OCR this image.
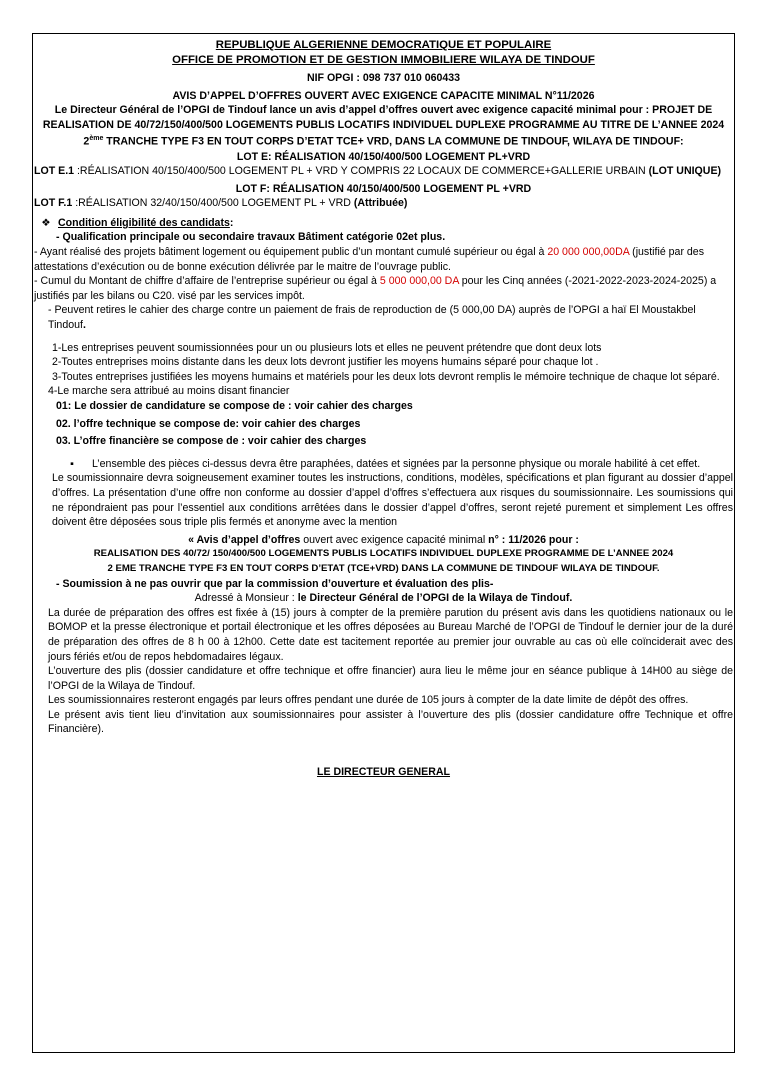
REPUBLIQUE ALGERIENNE DEMOCRATIQUE ET POPULAIRE

OFFICE DE PROMOTION ET DE GESTION IMMOBILIERE WILAYA DE TINDOUF

NIF OPGI : 098 737 010 060433

AVIS D’APPEL D’OFFRES OUVERT AVEC EXIGENCE CAPACITE MINIMAL N°11/2026

Le Directeur Général de l’OPGI de Tindouf lance un avis d’appel d’offres ouvert avec exigence capacité minimal pour : PROJET DE REALISATION DE 40/72/150/400/500 LOGEMENTS PUBLIS LOCATIFS INDIVIDUEL DUPLEXE PROGRAMME AU TITRE DE L’ANNEE 2024 2ème TRANCHE TYPE F3 EN TOUT CORPS D’ETAT TCE+ VRD, DANS LA COMMUNE DE TINDOUF, WILAYA DE TINDOUF:

LOT E: RÉALISATION 40/150/400/500 LOGEMENT PL+VRD

LOT E.1 :RÉALISATION 40/150/400/500 LOGEMENT PL + VRD Y COMPRIS 22 LOCAUX DE COMMERCE+GALLERIE URBAIN (LOT UNIQUE)

LOT F: RÉALISATION 40/150/400/500 LOGEMENT PL +VRD

LOT F.1 :RÉALISATION 32/40/150/400/500 LOGEMENT PL + VRD (Attribuée)

❖ Condition éligibilité des candidats:

- Qualification principale ou secondaire travaux Bâtiment catégorie 02et plus.

- Ayant réalisé des projets bâtiment logement ou équipement public d’un montant cumulé supérieur ou égal à 20 000 000,00DA (justifié par des attestations d’exécution ou de bonne exécution délivrée par le maitre de l’ouvrage public.

- Cumul du Montant de chiffre d’affaire de l’entreprise supérieur ou égal à 5 000 000,00 DA pour les Cinq années (-2021-2022-2023-2024-2025) a justifiés par les bilans ou C20. visé par les services impôt.

- Peuvent retires le cahier des charge contre un paiement de frais de reproduction de (5 000,00 DA) auprès de l’OPGI a haï El Moustakbel Tindouf.

1-Les entreprises peuvent soumissionnées pour un ou plusieurs lots et elles ne peuvent prétendre que dont deux lots

2-Toutes entreprises moins distante dans les deux lots devront justifier les moyens humains séparé pour chaque lot .

3-Toutes entreprises justifiées les moyens humains et matériels pour les deux lots devront remplis le mémoire technique de chaque lot séparé.

4-Le marche sera attribué au moins disant financier

01: Le dossier de candidature se compose de : voir cahier des charges

02. l’offre technique se compose de: voir cahier des charges

03. L’offre financière se compose de : voir cahier des charges

▪ L’ensemble des pièces ci-dessus devra être paraphées, datées et signées par la personne physique ou morale habilité à cet effet.

Le soumissionnaire devra soigneusement examiner toutes les instructions, conditions, modèles, spécifications et plan figurant au dossier d’appel d’offres. La présentation d’une offre non conforme au dossier d’appel d’offres s’effectuera aux risques du soumissionnaire. Les soumissions qui ne répondraient pas pour l’essentiel aux conditions arrêtées dans le dossier d’appel d’offres, seront rejeté purement et simplement Les offres doivent être déposées sous triple plis fermés et anonyme avec la mention

« Avis d’appel d’offres ouvert avec exigence capacité minimal n° : 11/2026 pour :

REALISATION DES 40/72/ 150/400/500 LOGEMENTS PUBLIS LOCATIFS INDIVIDUEL DUPLEXE PROGRAMME DE L’ANNEE 2024

2 EME TRANCHE TYPE F3 EN TOUT CORPS D’ETAT (TCE+VRD) DANS LA COMMUNE DE TINDOUF WILAYA DE TINDOUF.

- Soumission à ne pas ouvrir que par la commission d’ouverture et évaluation des plis-

Adressé à Monsieur : le Directeur Général de l’OPGI de la Wilaya de Tindouf.

La durée de préparation des offres est fixée à (15) jours à compter de la première parution du présent avis dans les quotidiens nationaux ou le BOMOP et la presse électronique et portail électronique et les offres déposées au Bureau Marché de l’OPGI de Tindouf le dernier jour de la duré de préparation des offres de 8 h 00 à 12h00. Cette date est tacitement reportée au premier jour ouvrable au cas où elle coïnciderait avec des jours fériés et/ou de repos hebdomadaires légaux.

L’ouverture des plis (dossier candidature et offre technique et offre financier) aura lieu le même jour en séance publique à 14H00 au siège de l’OPGI de la Wilaya de Tindouf.

Les soumissionnaires resteront engagés par leurs offres pendant une durée de 105 jours à compter de la date limite de dépôt des offres.

Le présent avis tient lieu d’invitation aux soumissionnaires pour assister à l’ouverture des plis (dossier candidature offre Technique et offre Financière).

LE DIRECTEUR GENERAL
